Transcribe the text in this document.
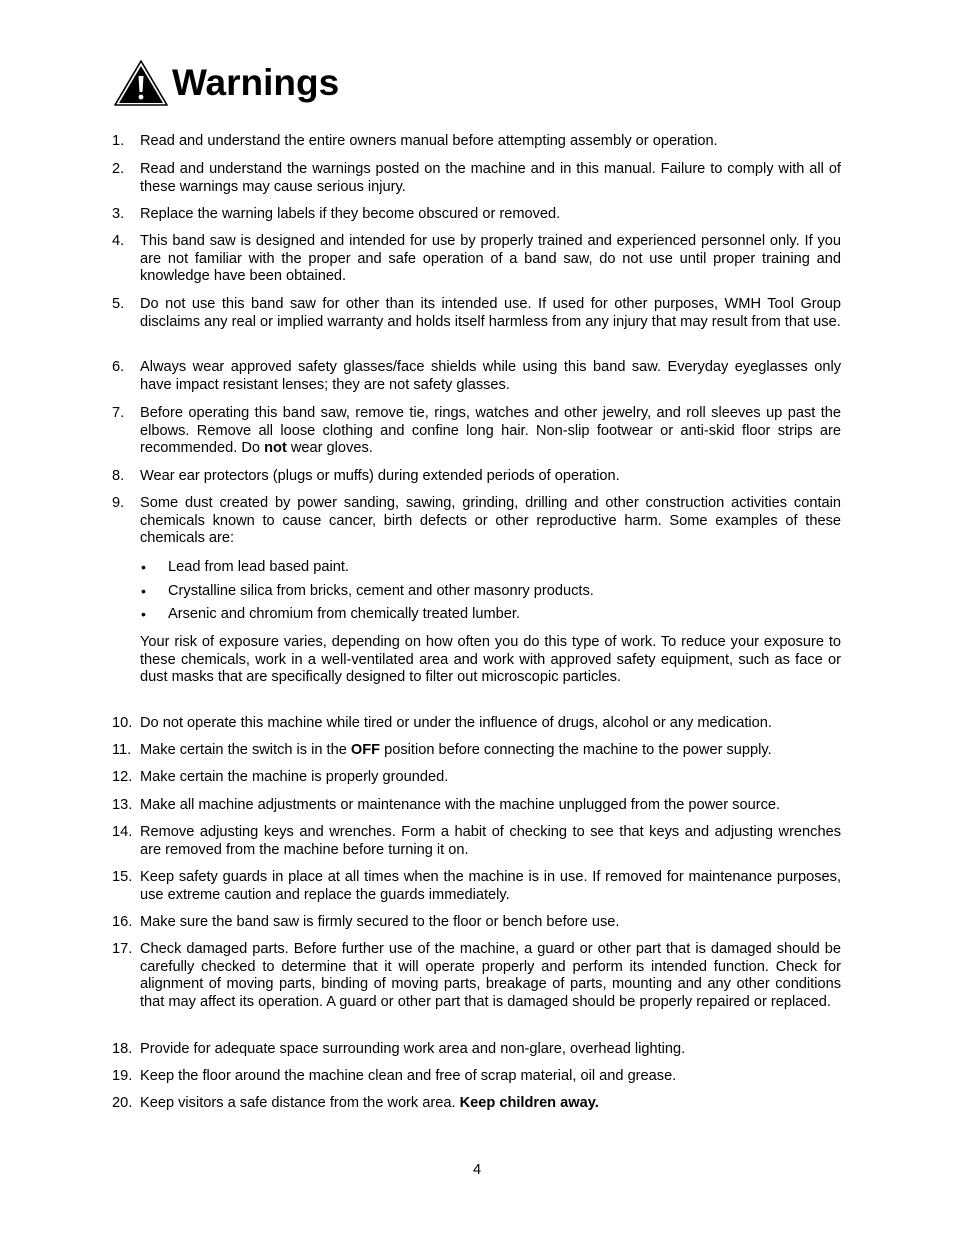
Warnings
1. Read and understand the entire owners manual before attempting assembly or operation.
2. Read and understand the warnings posted on the machine and in this manual. Failure to comply with all of these warnings may cause serious injury.
3. Replace the warning labels if they become obscured or removed.
4. This band saw is designed and intended for use by properly trained and experienced personnel only. If you are not familiar with the proper and safe operation of a band saw, do not use until proper training and knowledge have been obtained.
5. Do not use this band saw for other than its intended use. If used for other purposes, WMH Tool Group disclaims any real or implied warranty and holds itself harmless from any injury that may result from that use.
6. Always wear approved safety glasses/face shields while using this band saw. Everyday eyeglasses only have impact resistant lenses; they are not safety glasses.
7. Before operating this band saw, remove tie, rings, watches and other jewelry, and roll sleeves up past the elbows. Remove all loose clothing and confine long hair. Non-slip footwear or anti-skid floor strips are recommended. Do not wear gloves.
8. Wear ear protectors (plugs or muffs) during extended periods of operation.
9. Some dust created by power sanding, sawing, grinding, drilling and other construction activities contain chemicals known to cause cancer, birth defects or other reproductive harm. Some examples of these chemicals are:
• Lead from lead based paint.
• Crystalline silica from bricks, cement and other masonry products.
• Arsenic and chromium from chemically treated lumber.

Your risk of exposure varies, depending on how often you do this type of work. To reduce your exposure to these chemicals, work in a well-ventilated area and work with approved safety equipment, such as face or dust masks that are specifically designed to filter out microscopic particles.

10. Do not operate this machine while tired or under the influence of drugs, alcohol or any medication.
11. Make certain the switch is in the OFF position before connecting the machine to the power supply.
12. Make certain the machine is properly grounded.
13. Make all machine adjustments or maintenance with the machine unplugged from the power source.
14. Remove adjusting keys and wrenches. Form a habit of checking to see that keys and adjusting wrenches are removed from the machine before turning it on.
15. Keep safety guards in place at all times when the machine is in use. If removed for maintenance purposes, use extreme caution and replace the guards immediately.
16. Make sure the band saw is firmly secured to the floor or bench before use.
17. Check damaged parts. Before further use of the machine, a guard or other part that is damaged should be carefully checked to determine that it will operate properly and perform its intended function. Check for alignment of moving parts, binding of moving parts, breakage of parts, mounting and any other conditions that may affect its operation. A guard or other part that is damaged should be properly repaired or replaced.
18. Provide for adequate space surrounding work area and non-glare, overhead lighting.
19. Keep the floor around the machine clean and free of scrap material, oil and grease.
20. Keep visitors a safe distance from the work area. Keep children away.
4
